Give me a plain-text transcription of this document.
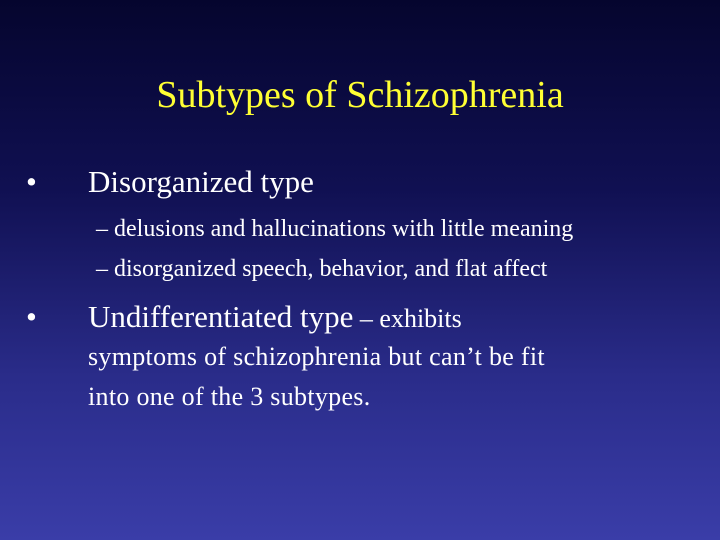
Subtypes of Schizophrenia
• Disorganized type
– delusions and hallucinations with little meaning
– disorganized speech, behavior, and flat affect
• Undifferentiated type – exhibits
symptoms of schizophrenia but can’t be fit
into one of the 3 subtypes.
